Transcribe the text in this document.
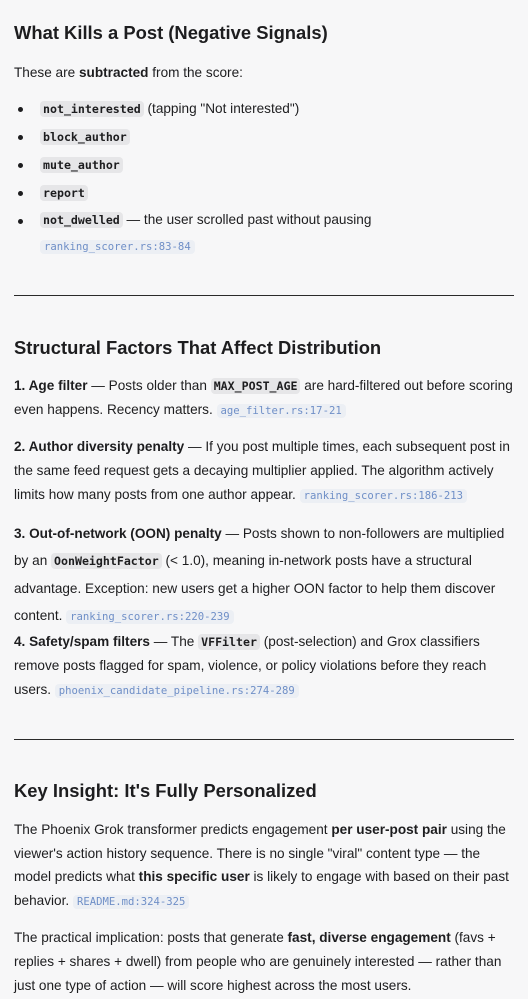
What Kills a Post (Negative Signals)

These are subtracted from the score:

not_interested (tapping "Not interested")
block_author
mute_author
report
not_dwelled — the user scrolled past without pausing
ranking_scorer.rs:83-84
Structural Factors That Affect Distribution

1. Age filter — Posts older than MAX_POST_AGE are hard-filtered out before scoring even happens. Recency matters. age_filter.rs:17-21

2. Author diversity penalty — If you post multiple times, each subsequent post in the same feed request gets a decaying multiplier applied. The algorithm actively limits how many posts from one author appear. ranking_scorer.rs:186-213

3. Out-of-network (OON) penalty — Posts shown to non-followers are multiplied by an OonWeightFactor (< 1.0), meaning in-network posts have a structural advantage. Exception: new users get a higher OON factor to help them discover content. ranking_scorer.rs:220-239

4. Safety/spam filters — The VFFilter (post-selection) and Grox classifiers remove posts flagged for spam, violence, or policy violations before they reach users. phoenix_candidate_pipeline.rs:274-289

Key Insight: It's Fully Personalized

The Phoenix Grok transformer predicts engagement per user-post pair using the viewer's action history sequence. There is no single "viral" content type — the model predicts what this specific user is likely to engage with based on their past behavior. README.md:324-325

The practical implication: posts that generate fast, diverse engagement (favs + replies + shares + dwell) from people who are genuinely interested — rather than just one type of action — will score highest across the most users.
